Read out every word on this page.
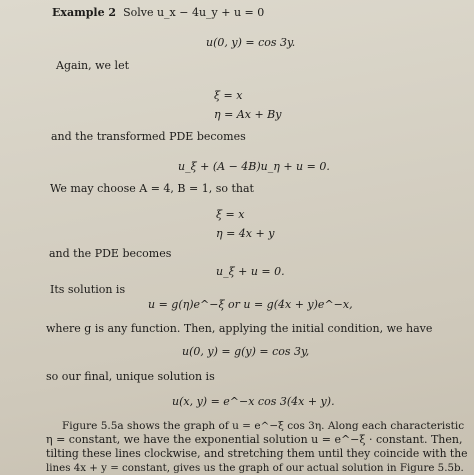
Example 2 Solve u_x − 4u_y + u = 0
u(0, y) = cos 3y.
Again, we let
ξ = x
η = Ax + By
and the transformed PDE becomes
u_ξ + (A − 4B)u_η + u = 0.
We may choose A = 4, B = 1, so that
ξ = x
η = 4x + y
and the PDE becomes
u_ξ + u = 0.
Its solution is
u = g(η)e^−ξ or u = g(4x + y)e^−x,
where g is any function. Then, applying the initial condition, we have
u(0, y) = g(y) = cos 3y,
so our final, unique solution is
u(x, y) = e^−x cos 3(4x + y).
Figure 5.5a shows the graph of u = e^−ξ cos 3η. Along each characteristic
η = constant, we have the exponential solution u = e^−ξ · constant. Then,
tilting these lines clockwise, and stretching them until they coincide with the
lines 4x + y = constant, gives us the graph of our actual solution in Figure 5.5b.
